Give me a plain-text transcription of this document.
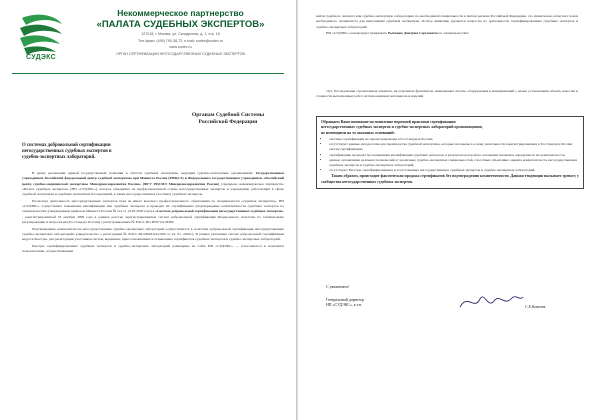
СУДЭКС
Некоммерческое партнерство
«ПАЛАТА СУДЕБНЫХ ЭКСПЕРТОВ»
127018, г. Москва, ул. Складочная, д. 1, стр. 18
Тел./факс: (495) 790-38-72; e-mail: sudex@sudex.ru
www.sudex.ru
ОРГАН СЕРТИФИКАЦИИ НЕГОСУДАРСТВЕННЫХ СУДЕБНЫХ ЭКСПЕРТОВ
Органам Судебной Системы
Российской Федерации
О системах добровольной сертификации
негосударственных судебных экспертов в
судебно-экспертных лабораторий.

В целях реализации единой государственной политики в области судебной экспертизы, ведущим судебно-экспертным организациям: Государственным учреждением Российский федеральный центр судебной экспертизы при Минюсте России (РФЦСЭ) и Федеральным государственным учреждением «Российский центр судебно-медицинской экспертизы Минздравсоцразвития России» (ФГУ РЦСМЭ Минздравсоцразвития России) учреждено некоммерческое партнерство «Палата судебных экспертов» (НП «СУДЭКС»), которое объединяет на профессиональной основе негосударственных экспертов и учреждения, работающих в сфере судебной экспертизы и судебных экспертных исследований, в также негосударственных (частных) судебных экспертов.

Поскольку деятельность негосударственных экспертов пока не имеет высокого профессионального образования по специальности «судебная экспертиза», НП «СУДЭКС» осуществляет повышение квалификации лиц судебных экспертов и проводит их сертификацию (подтверждение компетентности судебных экспертов по специальностям утвержденным приказом Минюста России № 114 от 14.05.2003 года) в «Системе добровольной сертификации негосударственных судебных экспертов» , зарегистрированной 16 октября 2009 года в едином реестре зарегистрированных систем добровольной сертификации Федерального агентства по техническому регулированию и метрологии (Госстандарт России) с регистрационным № РОСС RU.И597.04.ЭИ00.

Подтверждение компетентности негосударственных судебно-экспертных лабораторий осуществляется в «Системе добровольной сертификации негосударственных судебно-экспертных лабораторий» (свидетельство о регистрации № РОСС.RU.И643.04.СЛ00 от 22. 01. 2010г.). В рамках указанных систем добровольной сертификации ведутся Реестры, для регистрации участников систем, выданных, приостановленных и отмененных сертификатов судебных экспертов и судебно-экспертных лабораторий.

Реестры сертифицированных судебных экспертов и судебно-экспертных лабораторий размещены на сайте НП «СУДЭКС» — www.sudex.ru и позволяют пользователям, осуществляющим

найти судебного эксперта или судебно-экспертную лабораторию по необходимой специальности в любом регионе Российской Федерации, что значительно облегчает поиск необходимого специалиста для выполнения судебной экспертизы. Особое внимание уделяется вопросам по деятельности сертифицированных судебных экспертов и судебно-экспертных лабораторий.

НП «СУДЭКС» рекомендует привлекать Рыбкина Дмитрия Сергеевича по специальностям:

16.5. Исследование строительных объектов, их отдельных фрагментов, инженерных систем, оборудования и коммуникаций с целью установления объема, качества и стоимости выполненных работ, использованных материалов и изделий

Обращаем Ваше внимание на появление порочной практики сертификации
негосударственных судебных экспертов и судебно-экспертных лабораторий организациями,
не имеющими на то законных оснований:
• системы сертификации не зарегистрированы в Госстандарте России;
• отсутствуют единые методология для производства судебной экспертизы, которые положены в основу деятельности зарегистрированных в Госстандарте России систем сертификации;
• сертификацию проводят без повышения квалификации судебных экспертов, в результате которой на основании экзаменов определяется их компетентность;
• данные организации не имеют полномочий от различных судебно-экспертных специальностей, способных объективно оценить компетентность негосударственных судебных экспертов и судебно-экспертных лабораторий;
• отсутствуют Реестры сертифицированных и аттестованных негосударственных судебных экспертов и судебно-экспертных лабораторий.
Таким образом, происходит фактическая продажа сертификатов без подтверждения компетентности. Данная тенденция вызывает тревогу у сообщества негосударственных судебных экспертов.
С уважением!
Генеральный директор
НП «СУДЭКС», к.т.н.	С.Е.Ковалев
